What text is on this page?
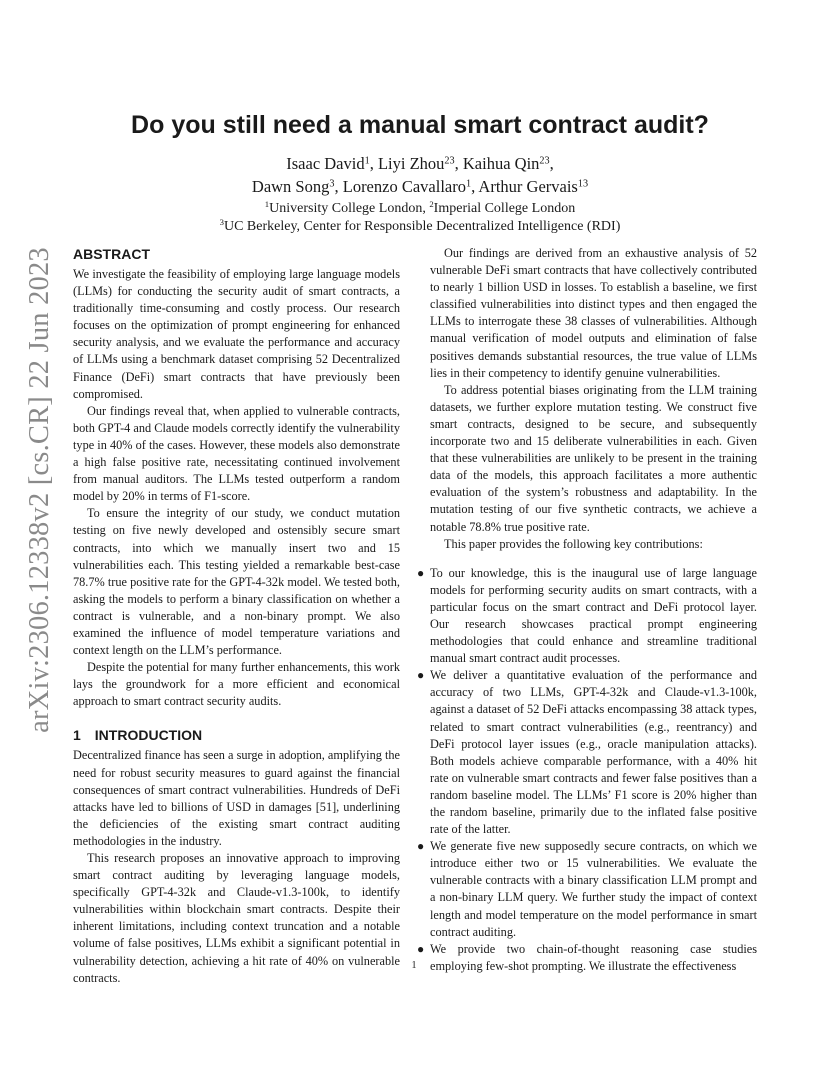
arXiv:2306.12338v2 [cs.CR] 22 Jun 2023
Do you still need a manual smart contract audit?
Isaac David$^1$, Liyi Zhou$^{23}$, Kaihua Qin$^{23}$,
Dawn Song$^3$, Lorenzo Cavallaro$^1$, Arthur Gervais$^{13}$
$^1$University College London, $^2$Imperial College London
$^3$UC Berkeley, Center for Responsible Decentralized Intelligence (RDI)
ABSTRACT

We investigate the feasibility of employing large language models (LLMs) for conducting the security audit of smart contracts, a traditionally time-consuming and costly process. Our research focuses on the optimization of prompt engineering for enhanced security analysis, and we evaluate the performance and accuracy of LLMs using a benchmark dataset comprising 52 Decentralized Finance (DeFi) smart contracts that have previously been compromised.

Our findings reveal that, when applied to vulnerable contracts, both GPT-4 and Claude models correctly identify the vulnerability type in 40% of the cases. However, these models also demonstrate a high false positive rate, necessitating continued involvement from manual auditors. The LLMs tested outperform a random model by 20% in terms of F1-score.

To ensure the integrity of our study, we conduct mutation testing on five newly developed and ostensibly secure smart contracts, into which we manually insert two and 15 vulnerabilities each. This testing yielded a remarkable best-case 78.7% true positive rate for the GPT-4-32k model. We tested both, asking the models to perform a binary classification on whether a contract is vulnerable, and a non-binary prompt. We also examined the influence of model temperature variations and context length on the LLM’s performance.

Despite the potential for many further enhancements, this work lays the groundwork for a more efficient and economical approach to smart contract security audits.

1 INTRODUCTION

Decentralized finance has seen a surge in adoption, amplifying the need for robust security measures to guard against the financial consequences of smart contract vulnerabilities. Hundreds of DeFi attacks have led to billions of USD in damages [51], underlining the deficiencies of the existing smart contract auditing methodologies in the industry.

This research proposes an innovative approach to improving smart contract auditing by leveraging language models, specifically GPT-4-32k and Claude-v1.3-100k, to identify vulnerabilities within blockchain smart contracts. Despite their inherent limitations, including context truncation and a notable volume of false positives, LLMs exhibit a significant potential in vulnerability detection, achieving a hit rate of 40% on vulnerable contracts.

Our findings are derived from an exhaustive analysis of 52 vulnerable DeFi smart contracts that have collectively contributed to nearly 1 billion USD in losses. To establish a baseline, we first classified vulnerabilities into distinct types and then engaged the LLMs to interrogate these 38 classes of vulnerabilities. Although manual verification of model outputs and elimination of false positives demands substantial resources, the true value of LLMs lies in their competency to identify genuine vulnerabilities.

To address potential biases originating from the LLM training datasets, we further explore mutation testing. We construct five smart contracts, designed to be secure, and subsequently incorporate two and 15 deliberate vulnerabilities in each. Given that these vulnerabilities are unlikely to be present in the training data of the models, this approach facilitates a more authentic evaluation of the system’s robustness and adaptability. In the mutation testing of our five synthetic contracts, we achieve a notable 78.8% true positive rate.

This paper provides the following key contributions:

● To our knowledge, this is the inaugural use of large language models for performing security audits on smart contracts, with a particular focus on the smart contract and DeFi protocol layer. Our research showcases practical prompt engineering methodologies that could enhance and streamline traditional manual smart contract audit processes.
● We deliver a quantitative evaluation of the performance and accuracy of two LLMs, GPT-4-32k and Claude-v1.3-100k, against a dataset of 52 DeFi attacks encompassing 38 attack types, related to smart contract vulnerabilities (e.g., reentrancy) and DeFi protocol layer issues (e.g., oracle manipulation attacks). Both models achieve comparable performance, with a 40% hit rate on vulnerable smart contracts and fewer false positives than a random baseline model. The LLMs’ F1 score is 20% higher than the random baseline, primarily due to the inflated false positive rate of the latter.
● We generate five new supposedly secure contracts, on which we introduce either two or 15 vulnerabilities. We evaluate the vulnerable contracts with a binary classification LLM prompt and a non-binary LLM query. We further study the impact of context length and model temperature on the model performance in smart contract auditing.
● We provide two chain-of-thought reasoning case studies employing few-shot prompting. We illustrate the effectiveness
1
